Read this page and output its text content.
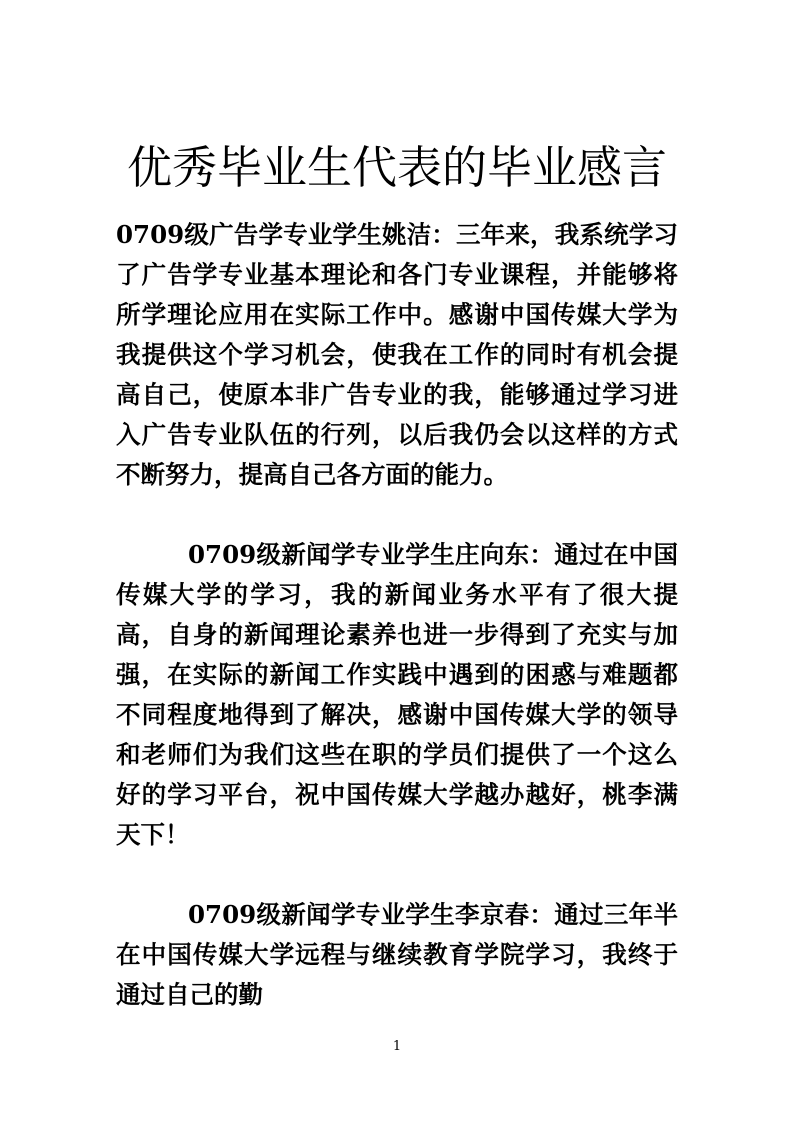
优秀毕业生代表的毕业感言

0709级广告学专业学生姚洁：三年来，我系统学习了广告学专业基本理论和各门专业课程，并能够将所学理论应用在实际工作中。感谢中国传媒大学为我提供这个学习机会，使我在工作的同时有机会提高自己，使原本非广告专业的我，能够通过学习进入广告专业队伍的行列，以后我仍会以这样的方式不断努力，提高自己各方面的能力。

0709级新闻学专业学生庄向东：通过在中国传媒大学的学习，我的新闻业务水平有了很大提高，自身的新闻理论素养也进一步得到了充实与加强，在实际的新闻工作实践中遇到的困惑与难题都不同程度地得到了解决，感谢中国传媒大学的领导和老师们为我们这些在职的学员们提供了一个这么好的学习平台，祝中国传媒大学越办越好，桃李满天下！

0709级新闻学专业学生李京春：通过三年半在中国传媒大学远程与继续教育学院学习，我终于通过自己的勤

1
